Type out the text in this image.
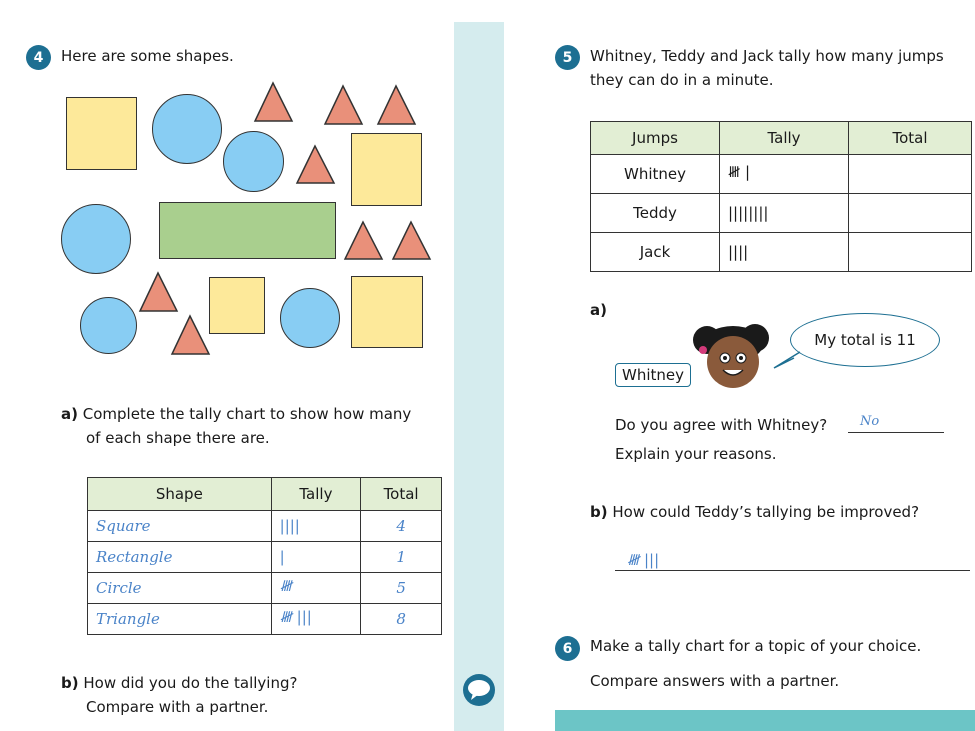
4	Here are some shapes.
a) Complete the tally chart to show how many
of each shape there are.
Shape	Tally	Total
Square	||||	4
Rectangle	|	1
Circle	𝍸	5
Triangle	𝍸 |||	8
b) How did you do the tallying?
Compare with a partner.
5	Whitney, Teddy and Jack tally how many jumps
they can do in a minute.
Jumps	Tally	Total
Whitney	𝍸 |	
Teddy	||||||||	
Jack	||||	
a)
My total is 11
Whitney
Do you agree with Whitney?	No
Explain your reasons.
b) How could Teddy’s tallying be improved?
𝍸 |||
6	Make a tally chart for a topic of your choice.
Compare answers with a partner.
